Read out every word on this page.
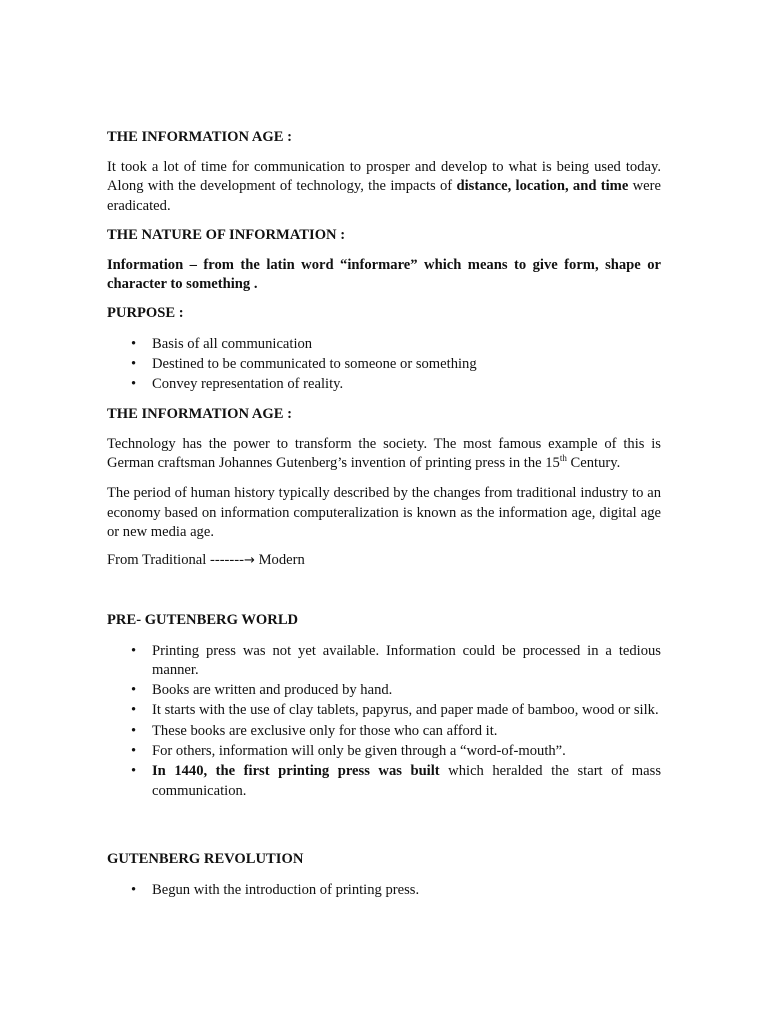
THE INFORMATION AGE :

It took a lot of time for communication to prosper and develop to what is being used today. Along with the development of technology, the impacts of distance, location, and time were eradicated.

THE NATURE OF INFORMATION :

Information – from the latin word “informare” which means to give form, shape or character to something .

PURPOSE :

• Basis of all communication
• Destined to be communicated to someone or something
• Convey representation of reality.

THE INFORMATION AGE :

Technology has the power to transform the society. The most famous example of this is German craftsman Johannes Gutenberg’s invention of printing press in the 15th Century.

The period of human history typically described by the changes from traditional industry to an economy based on information computeralization is known as the information age, digital age or new media age.

From Traditional -------→ Modern

PRE- GUTENBERG WORLD

• Printing press was not yet available. Information could be processed in a tedious manner.
• Books are written and produced by hand.
• It starts with the use of clay tablets, papyrus, and paper made of bamboo, wood or silk.
• These books are exclusive only for those who can afford it.
• For others, information will only be given through a “word-of-mouth”.
• In 1440, the first printing press was built which heralded the start of mass communication.

GUTENBERG REVOLUTION

• Begun with the introduction of printing press.
